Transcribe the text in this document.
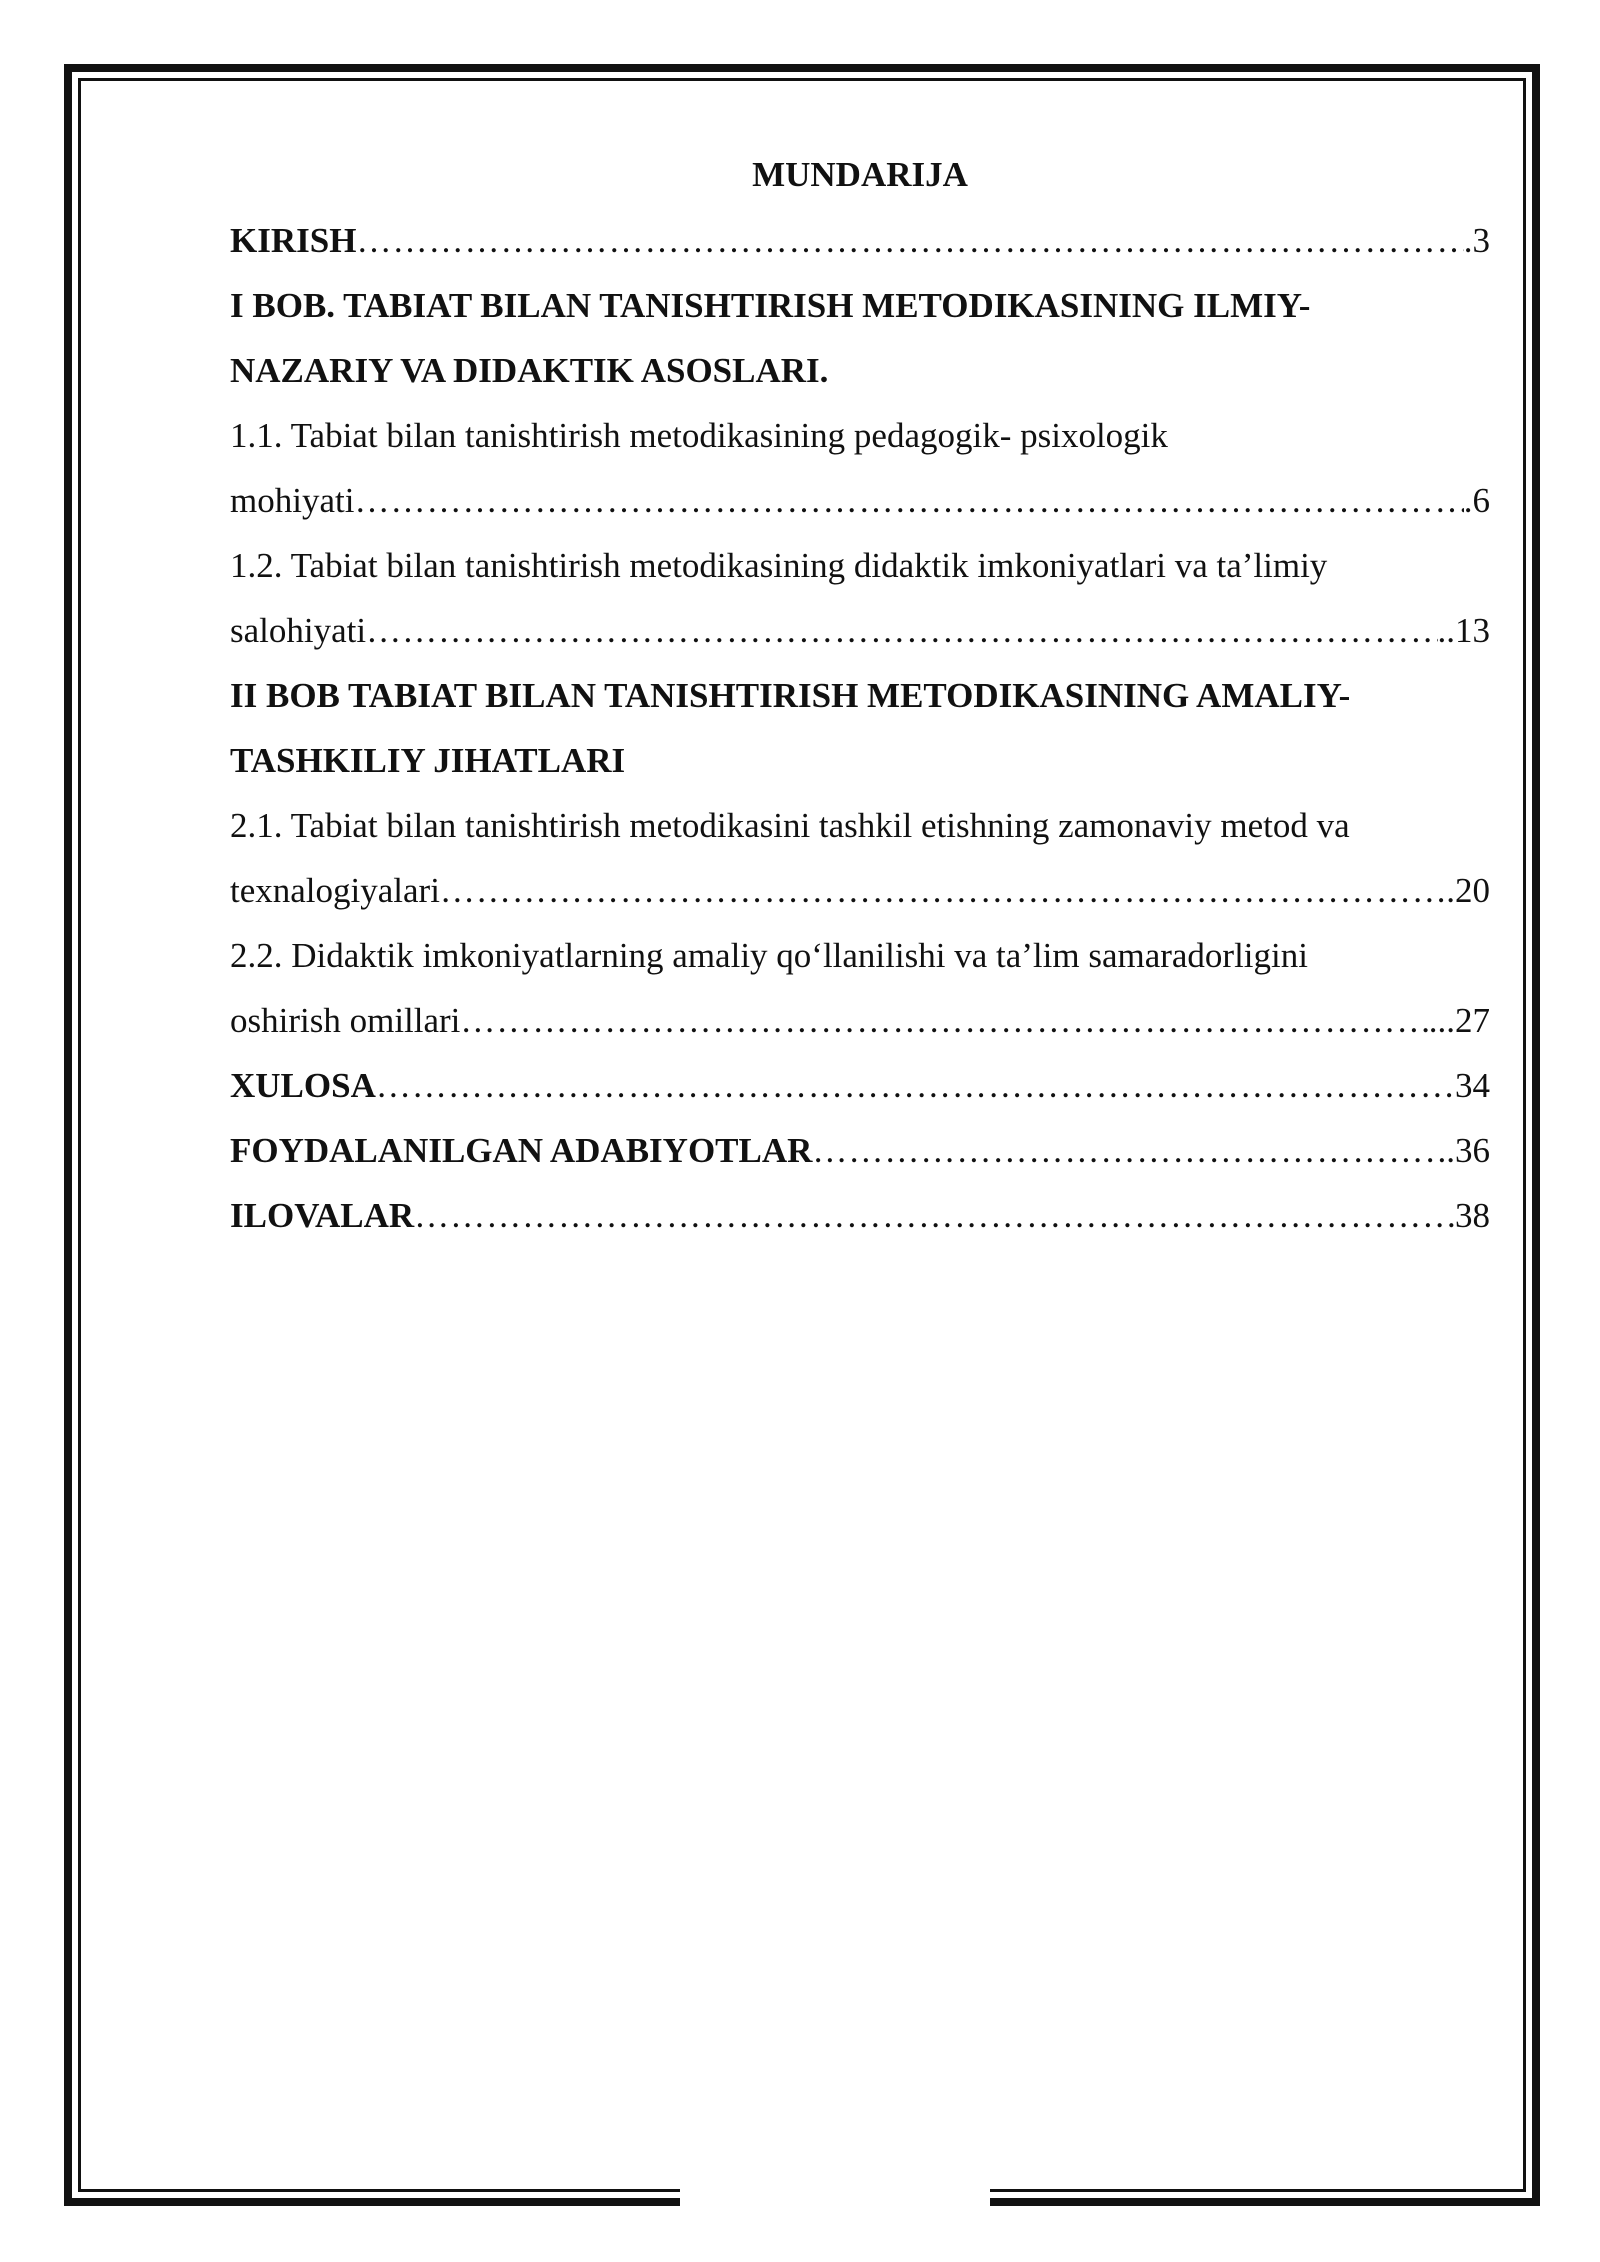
MUNDARIJA
KIRISH ……………………………………………………………………………………………………………………………………………………………	.3
I BOB. TABIAT BILAN TANISHTIRISH METODIKASINING ILMIY-
NAZARIY VA DIDAKTIK ASOSLARI.
1.1. Tabiat bilan tanishtirish metodikasining pedagogik- psixologik
mohiyati ……………………………………………………………………………………………………………………………………………………………	.6
1.2. Tabiat bilan tanishtirish metodikasining didaktik imkoniyatlari va ta’limiy
salohiyati ……………………………………………………………………………………………………………………………………………………………	..13
II BOB TABIAT BILAN TANISHTIRISH METODIKASINING AMALIY-
TASHKILIY JIHATLARI
2.1. Tabiat bilan tanishtirish metodikasini tashkil etishning zamonaviy metod va
texnalogiyalari ……………………………………………………………………………………………………………………………………………………………	.20
2.2. Didaktik imkoniyatlarning amaliy qo‘llanilishi va ta’lim samaradorligini
oshirish omillari ……………………………………………………………………………………………………………………………………………………………	...27
XULOSA ……………………………………………………………………………………………………………………………………………………………	34
FOYDALANILGAN ADABIYOTLAR ……………………………………………………………………………………………………………………………………………………………	..36
ILOVALAR ……………………………………………………………………………………………………………………………………………………………	38
